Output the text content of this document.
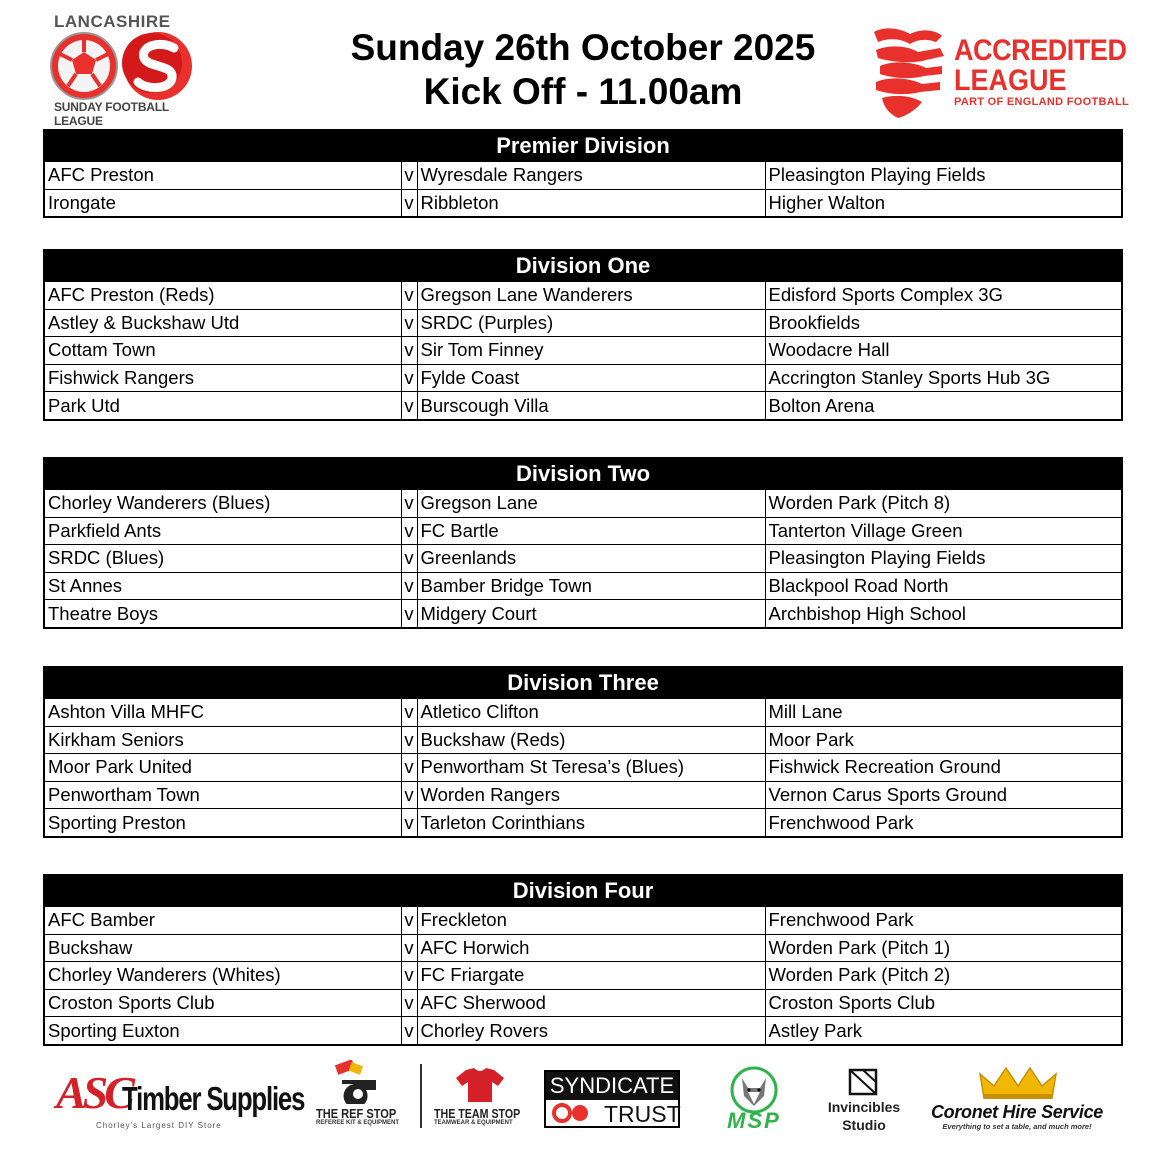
LANCASHIRE
SUNDAY FOOTBALL LEAGUE
Sunday 26th October 2025
Kick Off - 11.00am
ACCREDITED
LEAGUE
PART OF ENGLAND FOOTBALL
Premier Division			
AFC Preston	v	Wyresdale Rangers	Pleasington Playing Fields
Irongate	v	Ribbleton	Higher Walton
Division One			
AFC Preston (Reds)	v	Gregson Lane Wanderers	Edisford Sports Complex 3G
Astley & Buckshaw Utd	v	SRDC (Purples)	Brookfields
Cottam Town	v	Sir Tom Finney	Woodacre Hall
Fishwick Rangers	v	Fylde Coast	Accrington Stanley Sports Hub 3G
Park Utd	v	Burscough Villa	Bolton Arena
Division Two			
Chorley Wanderers (Blues)	v	Gregson Lane	Worden Park (Pitch 8)
Parkfield Ants	v	FC Bartle	Tanterton Village Green
SRDC (Blues)	v	Greenlands	Pleasington Playing Fields
St Annes	v	Bamber Bridge Town	Blackpool Road North
Theatre Boys	v	Midgery Court	Archbishop High School
Division Three			
Ashton Villa MHFC	v	Atletico Clifton	Mill Lane
Kirkham Seniors	v	Buckshaw (Reds)	Moor Park
Moor Park United	v	Penwortham St Teresa’s (Blues)	Fishwick Recreation Ground
Penwortham Town	v	Worden Rangers	Vernon Carus Sports Ground
Sporting Preston	v	Tarleton Corinthians	Frenchwood Park
Division Four			
AFC Bamber	v	Freckleton	Frenchwood Park
Buckshaw	v	AFC Horwich	Worden Park (Pitch 1)
Chorley Wanderers (Whites)	v	FC Friargate	Worden Park (Pitch 2)
Croston Sports Club	v	AFC Sherwood	Croston Sports Club
Sporting Euxton	v	Chorley Rovers	Astley Park
ASC
Timber Supplies
Chorley's Largest DIY Store
THE REF STOP
REFEREE KIT & EQUIPMENT
THE TEAM STOP
TEAMWEAR & EQUIPMENT
SYNDICATE
TRUST	MSP
Invincibles
Studio
Coronet Hire Service
Everything to set a table, and much more!
